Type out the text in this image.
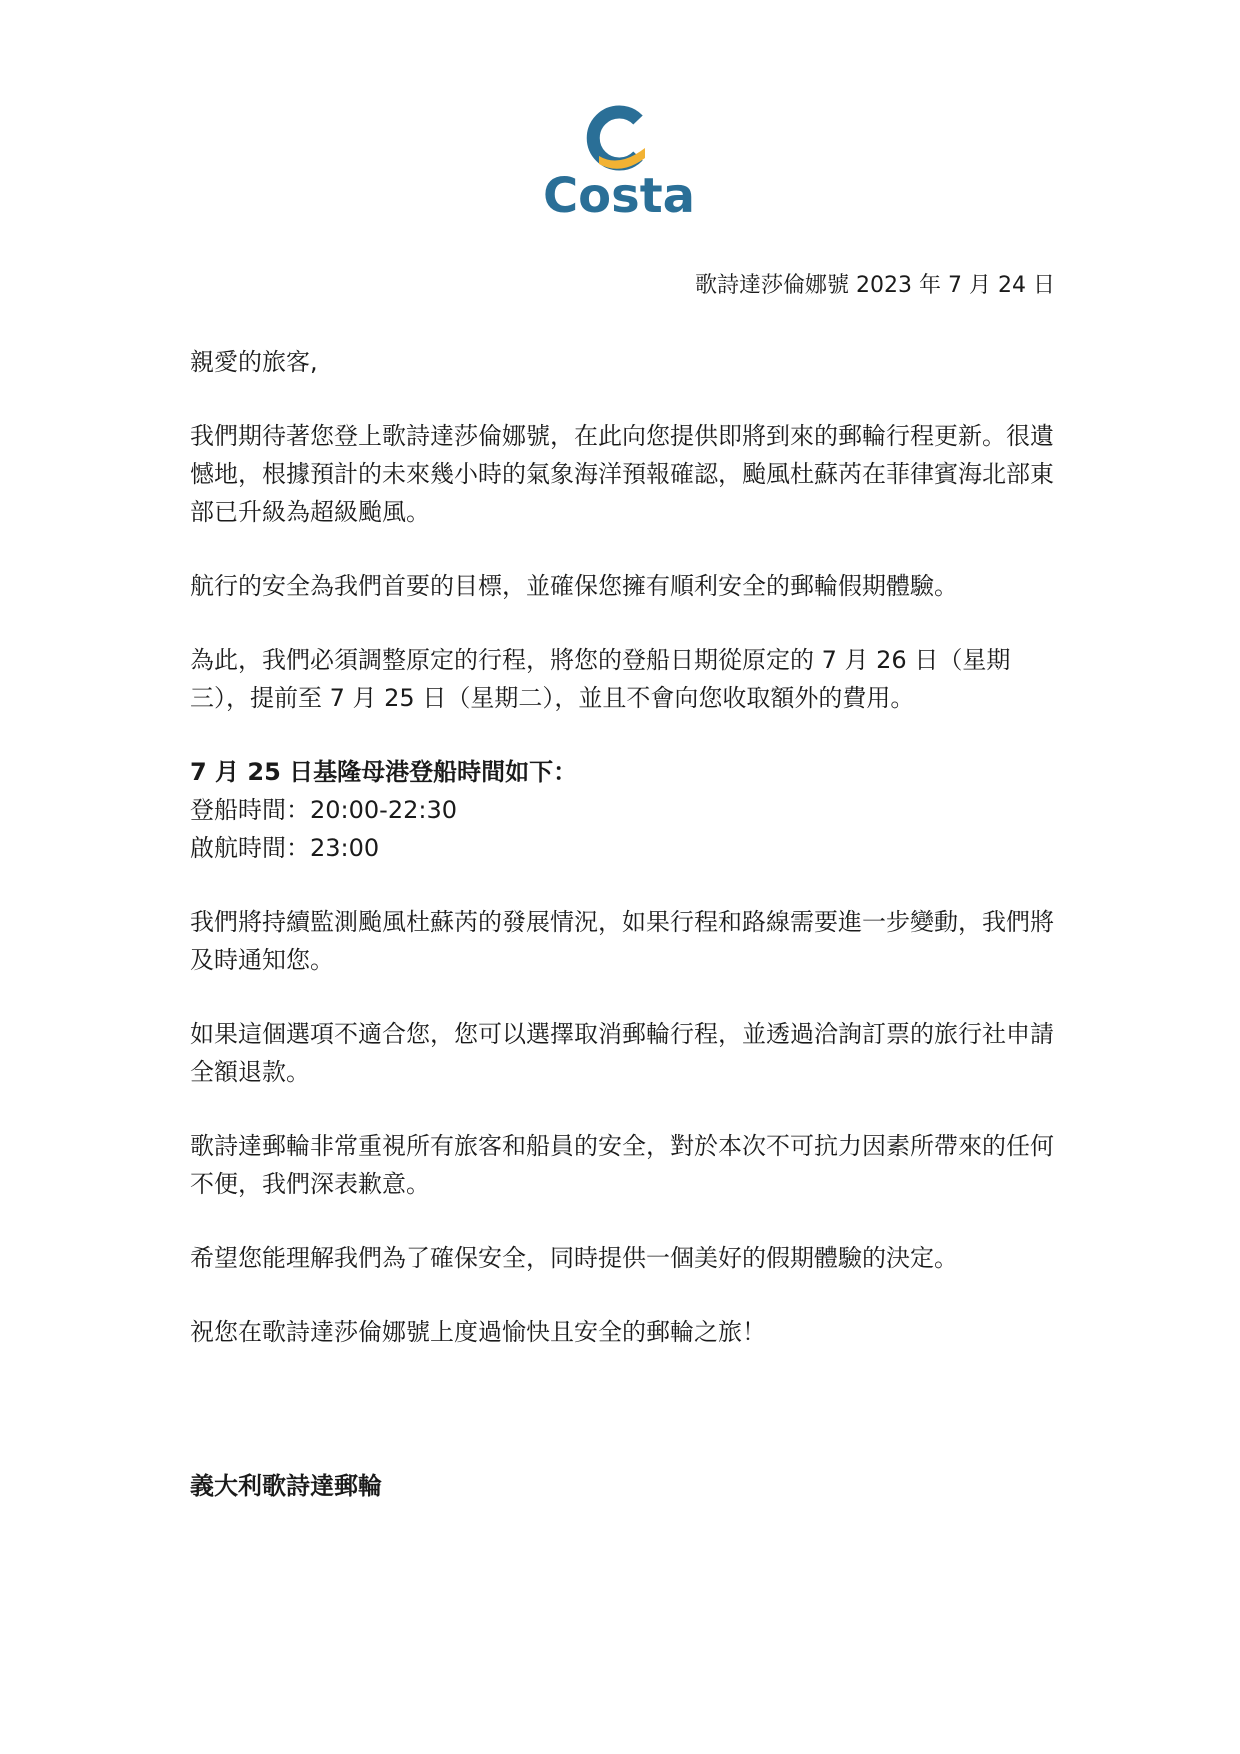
Costa
歌詩達莎倫娜號 2023 年 7 月 24 日

親愛的旅客,

我們期待著您登上歌詩達莎倫娜號，在此向您提供即將到來的郵輪行程更新。很遺憾地，根據預計的未來幾小時的氣象海洋預報確認，颱風杜蘇芮在菲律賓海北部東部已升級為超級颱風。

航行的安全為我們首要的目標，並確保您擁有順利安全的郵輪假期體驗。

為此，我們必須調整原定的行程，將您的登船日期從原定的 7 月 26 日（星期三），提前至 7 月 25 日（星期二），並且不會向您收取額外的費用。

7 月 25 日基隆母港登船時間如下：

登船時間：20:00-22:30

啟航時間：23:00

我們將持續監測颱風杜蘇芮的發展情況，如果行程和路線需要進一步變動，我們將及時通知您。

如果這個選項不適合您，您可以選擇取消郵輪行程，並透過洽詢訂票的旅行社申請全額退款。

歌詩達郵輪非常重視所有旅客和船員的安全，對於本次不可抗力因素所帶來的任何不便，我們深表歉意。

希望您能理解我們為了確保安全，同時提供一個美好的假期體驗的決定。

祝您在歌詩達莎倫娜號上度過愉快且安全的郵輪之旅！

義大利歌詩達郵輪
